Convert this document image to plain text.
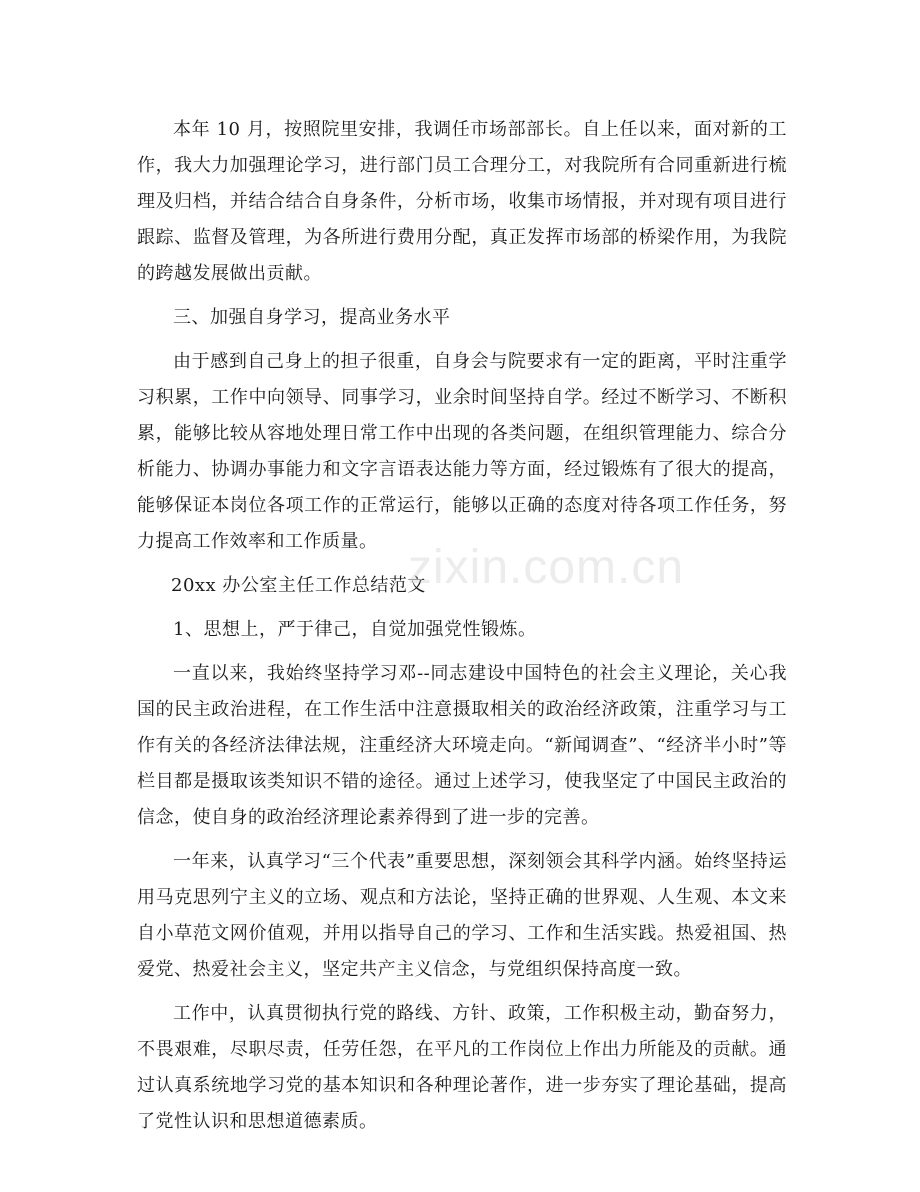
本年 10 月，按照院里安排，我调任市场部部长。自上任以来，面对新的工作，我大力加强理论学习，进行部门员工合理分工，对我院所有合同重新进行梳理及归档，并结合结合自身条件，分析市场，收集市场情报，并对现有项目进行跟踪、监督及管理，为各所进行费用分配，真正发挥市场部的桥梁作用，为我院的跨越发展做出贡献。

三、加强自身学习，提高业务水平

由于感到自己身上的担子很重，自身会与院要求有一定的距离，平时注重学习积累，工作中向领导、同事学习，业余时间坚持自学。经过不断学习、不断积累，能够比较从容地处理日常工作中出现的各类问题，在组织管理能力、综合分析能力、协调办事能力和文字言语表达能力等方面，经过锻炼有了很大的提高，能够保证本岗位各项工作的正常运行，能够以正确的态度对待各项工作任务，努力提高工作效率和工作质量。

20xx 办公室主任工作总结范文

1、思想上，严于律己，自觉加强党性锻炼。

一直以来，我始终坚持学习邓--同志建设中国特色的社会主义理论，关心我国的民主政治进程，在工作生活中注意摄取相关的政治经济政策，注重学习与工作有关的各经济法律法规，注重经济大环境走向。“新闻调查”、“经济半小时”等栏目都是摄取该类知识不错的途径。通过上述学习，使我坚定了中国民主政治的信念，使自身的政治经济理论素养得到了进一步的完善。

一年来，认真学习“三个代表”重要思想，深刻领会其科学内涵。始终坚持运用马克思列宁主义的立场、观点和方法论，坚持正确的世界观、人生观、本文来自小草范文网价值观，并用以指导自己的学习、工作和生活实践。热爱祖国、热爱党、热爱社会主义，坚定共产主义信念，与党组织保持高度一致。

工作中，认真贯彻执行党的路线、方针、政策，工作积极主动，勤奋努力，不畏艰难，尽职尽责，任劳任怨，在平凡的工作岗位上作出力所能及的贡献。通过认真系统地学习党的基本知识和各种理论著作，进一步夯实了理论基础，提高了党性认识和思想道德素质。

zixin.com.cn
